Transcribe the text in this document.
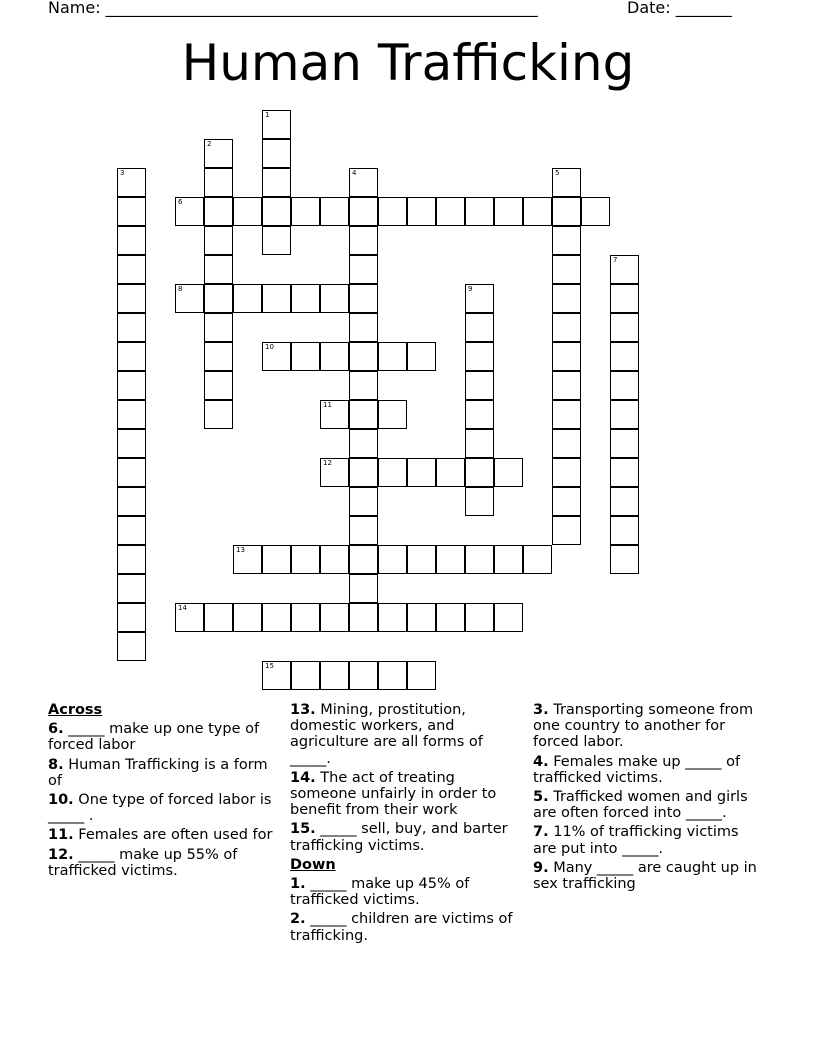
Name: ______________________________________________________	Date: _______
Human Trafficking
1
2
3	4	5
6
7
8	9
10
11
12
13
14
15
Across
6. _____ make up one type of forced labor
8. Human Trafficking is a form of
10. One type of forced labor is _____ .
11. Females are often used for
12. _____ make up 55% of trafficked victims.
13. Mining, prostitution, domestic workers, and agriculture are all forms of _____.
14. The act of treating someone unfairly in order to benefit from their work
15. _____ sell, buy, and barter trafficking victims.
Down
1. _____ make up 45% of trafficked victims.
2. _____ children are victims of trafficking.
3. Transporting someone from one country to another for forced labor.
4. Females make up _____ of trafficked victims.
5. Trafficked women and girls are often forced into _____.
7. 11% of trafficking victims are put into _____.
9. Many _____ are caught up in sex trafficking
